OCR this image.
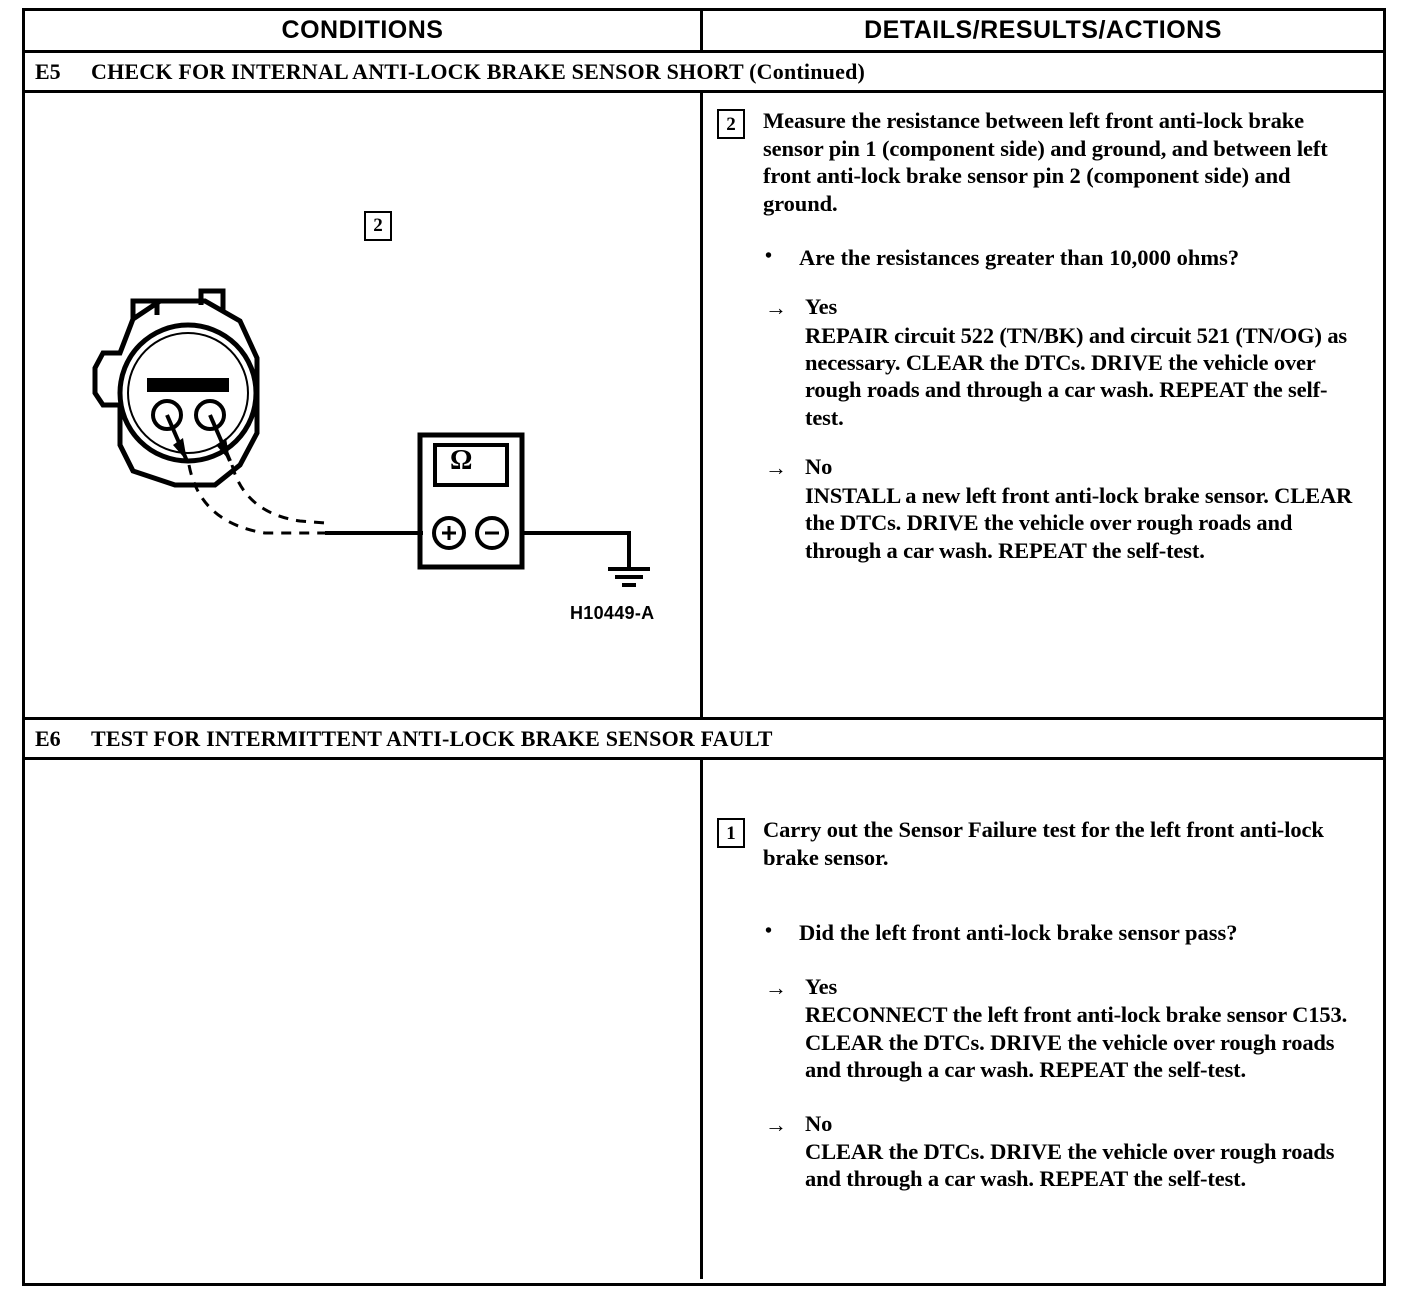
CONDITIONS	DETAILS/RESULTS/ACTIONS
E5	CHECK FOR INTERNAL ANTI-LOCK BRAKE SENSOR SHORT (Continued)
2
Ω
H10449-A
2	Measure the resistance between left front anti-lock brake sensor pin 1 (component side) and ground, and between left front anti-lock brake sensor pin 2 (component side) and ground.
•	Are the resistances greater than 10,000 ohms?
→ Yes
REPAIR circuit 522 (TN/BK) and circuit 521 (TN/OG) as necessary. CLEAR the DTCs. DRIVE the vehicle over rough roads and through a car wash. REPEAT the self-test.
→ No
INSTALL a new left front anti-lock brake sensor. CLEAR the DTCs. DRIVE the vehicle over rough roads and through a car wash. REPEAT the self-test.
E6	TEST FOR INTERMITTENT ANTI-LOCK BRAKE SENSOR FAULT
1	Carry out the Sensor Failure test for the left front anti-lock brake sensor.
•	Did the left front anti-lock brake sensor pass?
→ Yes
RECONNECT the left front anti-lock brake sensor C153. CLEAR the DTCs. DRIVE the vehicle over rough roads and through a car wash. REPEAT the self-test.
→ No
CLEAR the DTCs. DRIVE the vehicle over rough roads and through a car wash. REPEAT the self-test.
